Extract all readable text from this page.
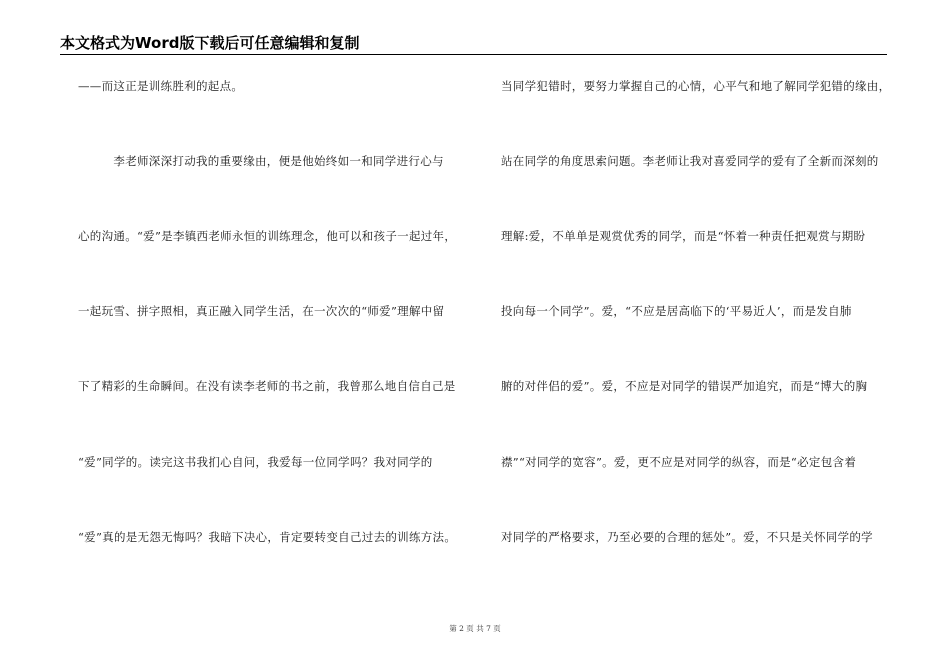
本文格式为Word版下载后可任意编辑和复制
——而这正是训练胜利的起点。
　　　李老师深深打动我的重要缘由，便是他始终如一和同学进行心与
心的沟通。“爱”是李镇西老师永恒的训练理念，他可以和孩子一起过年，
一起玩雪、拼字照相，真正融入同学生活，在一次次的“师爱”理解中留
下了精彩的生命瞬间。在没有读李老师的书之前，我曾那么地自信自己是
“爱”同学的。读完这书我扪心自问，我爱每一位同学吗？我对同学的
“爱”真的是无怨无悔吗？我暗下决心，肯定要转变自己过去的训练方法。
当同学犯错时，要努力掌握自己的心情，心平气和地了解同学犯错的缘由，
站在同学的角度思索问题。李老师让我对喜爱同学的爱有了全新而深刻的
理解:爱，不单单是观赏优秀的同学，而是“怀着一种责任把观赏与期盼
投向每一个同学”。爱，“不应是居高临下的‘平易近人’，而是发自肺
腑的对伴侣的爱”。爱，不应是对同学的错误严加追究，而是“博大的胸
襟”“对同学的宽容”。爱，更不应是对同学的纵容，而是“必定包含着
对同学的严格要求，乃至必要的合理的惩处”。爱，不只是关怀同学的学
第 2 页 共 7 页
